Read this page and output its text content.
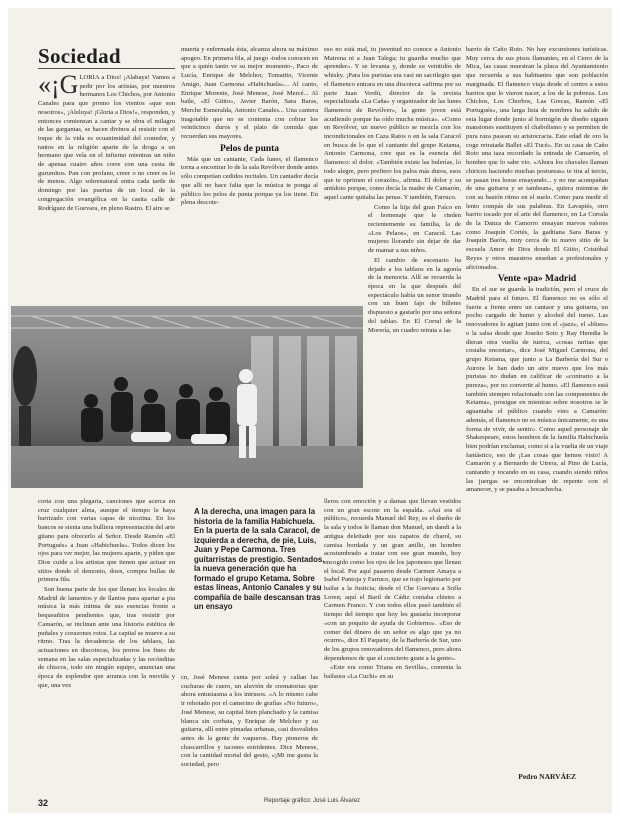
Sociedad

«¡G LORIA a Dios! ¡Alabaya! Vamos a pedir por los artistas, por nuestros hermanos Los Chichos, por Antonio Canales para que promo los vientos «que son nosotros», ¡Aleluya! ¡Gloria a Dios!», responden, y entonces comienzan a cantar y se obra el milagro de las gargantas, se hacen divinos al resistir con el toque de la vida es ecuanimidad del comedor, y tantos en la religión aparte de la droga a un hermano que vela en el infierno mientras un niño de apenas cuatro años corre con una cesta de gurumitos. Pan con profano, creer o no creer es lo de menos. Algo sobrenatural entra cada tarde de domingo por las puertas de un local de la congregación evangélica en la casita calle de Rodríguez de Guevara, en pleno Rastro. El aire se

muerta y enfermada ésta, alcanza ahora su máximo apogeo. En primera fila, al juego -todos conocen en que a quién tanto ve su mejor momento-, Paco de Lucía, Enrique de Melchor, Tomatito, Vicente Amigo, Juan Carmona «Habichuela»... Al canto, Enrique Morente, José Menese, José Mercé... Al baile, «El Güito», Javier Barón, Sara Baras, Merche Esmeralda, Antonio Canales... Una cantera inagotable que no se contenta con cobrar los veinticinco duros y el plato de comida que recuerdan sus mayores.

Pelos de punta

Más que un cantante, Cada lunes, el flamenco torna a encontrar lo de la sala Revólver donde antes sólo competían cedidos recitales. Un cantador decía que allí no hace falta que la música te ponga al público los pelos de punta porque ya los tiene. En plena descote-

eso no está mal, tu juventud no conoce a Antonio Mairena ni a Juan Talega; tu guardia mucho que aprender». Y se levanta y, donde su veintidós de whisky. ¡Para los puristas era casi un sacrilegio que el flamenco entrara en una discoteca «afirma por su parte Juan Verdú, director de la revista especializada «La Caña» y organizador de las lunes flamencos de Revólver», la gente joven está acudiendo porque ha oído mucha música». «Como en Revólver, un nuevo público se mezcla con los incondicionales en Caza Ratos o en la sala Caracol en busca de lo que el cantante del grupo Ketama, Antonio Carmona, cree que es la esencia del flamenco: el dolor. «También existe las bulerías, lo todo alegre, pero prefiero los palos más duros, esos que te oprimen el corazón», afirma. El dolor y su antídoto porque, como decía la madre de Camarón, aquel cante quitaba las penas. Y también, Farruco.

Como la hija del gran Faíco en el homenaje que le rinden recientemente su familia, la de «Los Pelaos», en Caracol. Las mujeres llorando sin dejar de dar de mamar a sus niños.

El cambio de escenario ha dejado a los tablaos en la agonía de la memoria. Allí se recuerda la época en la que después del espectáculo había un senor tirando con un buen fajo de billetes dispuesto a gastarlo por una señora del tablao. En El Corral de la Morería, un cuadro retrata a las

barrio de Caño Roto. No hay excursiones turísticas. Muy cerca de sus pisos flamantes, en el Cerro de la Mica, las casas muestran la placa del Ayuntamiento que recuerda a sus habitantes que son población marginada. El flamenco viaja desde el centro a estos barrios que lo vieron nacer, a los de la pobreza. Los Chichos, Los Chorbos, Las Grecas, Ramón «El Portugués», una larga lista de nombres ha salido de esta lugar donde junto al hormigón de diseño siguen mansiones sustituyen el chabolismo y se permiten de pura raza pasean su aristocracia. Este edad de oro la coge retratada Ballet «El Tucé». En su casa de Caño Roto una taza recordado la entrada de Camarón, el hombre que lo sabe vio. «Ahora los chavales llaman chiricos haciendo muchas postureas» te tira al tercio, se pasan tres horas ensayando... y no me acompañan de una guitarra y se tambean», quiera mientras de con su bastón ritmo en el suelo. Como para medir el lento compás de sus palabras. En Lavapiés, otro barrio tocado por el arte del flamenco, en La Corrala de la Danza de Camorro ensayan nuevos valores como Joaquín Cortés, la gaditana Sara Baras y Joaquín Barón, muy cerca de tu nuevo sitio de la escuela Amor de Dios donde El Güito, Cristóbal Reyes y otros maestros enseñan a profesionales y aficionados.

Vente «pa» Madrid

En el sur se guarda la tradición, pero el cruce de Madrid para el futuro. El flamenco no es sólo el fuerte a frente entre un cantaor y una guitarra, un pocho cargado de humo y alcohol del tueno. Las renovadores lo agitan junto con el «jazz», el «blues» o la salsa desde que Joseíto Soto y Ray Heredia le dieran otra vuelta de tuerca, «cosas raritas que costaba encentar», dice José Miguel Carmona, del grupo Ketama, que junto a La Barbería del Sur o Aurora le han dado un aire nuevo que los más puristas no dudan en calificar de «contrario a la pureza», por no convertir al humo. «El flamenco está también siempre relacionado con las componentes de Ketama», prosigue en mientras sobre nosotros se le aguantaba el público cuando vino a Camarón: además, el flamenco no es música únicamente, es una forma de vivir, de sentir». Como aquel personaje de Shakespeare, estos hombres de la familia Habichuela bien podrían exclamar, como si a la vuelta de un viaje fantástico, eso de ¡Las cosas que hemos visto! A Camarón y a Bernardo de Utrera, al Pino de Lucía, cantando y tocando en su casa, cuando siendo niños las juergas se encontraban de repente con el amanecer, y se pasaba a bocachecha.

Pedro NARVÁEZ

corta con una plegaria, canciones que acerca en cruz cualquier alma, aunque el tiempo le haya barrizado con varias capas de nicotina. En los bancos se sienta una bulliera representación del arte gitano para ofrecerlo al Señor. Desde Ramón «El Portugués» a Juan «Habichuela». Todos dicen los ojos para ver mejor, las mujeres aparte, y piden que Dios cuide a los artistas que tienen que actuar en sitios donde el demonio, doen, compra bullas de primera fila.

Son buena parte de los que llenan los locales de Madrid de lamentos y de llantos para apartar a pia música la más íntima de sus esencias frente a bequeañitos pendientes que, tras resistir por Camarón, se inclinan ante una historia estética de puñales y corazones rotos. La capital se mueve a su ritmo. Tras la decadencia de los tablaos, las actuaciones en discotecas, los porros los fines de semana en las salas especializadas y las recónditas de chiscos, todo sin ningún equipo, anuncian una época de esplendor que arranca con la movida y que, una vez

A la derecha, una imagen para la historia de la familia Habichuela. En la puerta de la sala Caracol, de izquierda a derecha, de pie, Luis, Juan y Pepe Carmona. Tres guitarristas de prestigio. Sentados, la nueva generación que ha formado el grupo Ketama. Sobre estas líneas, Antonio Canales y su compañía de baile descansan tras un ensayo

cn, José Menese canta por soleá y callan las cucharas de cuero, un aluvión de crematorias que ahora entusiasma a los intrusos. «A lo mismo cabe ir rebotado por el camerino de grafías «No futuro», José Menese, su capital bien planchado y la camisa blanca sin corbata, y Enrique de Melchor y su guitarra, allí entre pimadas urbanas, casi desvalidos antes de la gente de vaqueros. Hay pioneros de chascarrillos y tacones estridentes. Dice Menese, con la cantidad mortal del gesto, «¡Mi me gusta la sociedad, pero

lleros con emoción y a damas que llevan vestidos con un gran escote en la espalda. «Así era el público», recuerda Manuel del Rey, es el dueño de la sala y todos le llaman don Manuel, un dandi a la antigua deleitado por sus zapatos de charol, su camisa bordada y un gran anillo, un hombre acostumbrado a tratar con ese gran mundo, hoy encogido como los ojos de los japoneses que llenan el local. Por aquí pasaron desde Carmen Amaya a Isabel Pantoja y Farruco, que se trajo legionario por bailar a la Justicia; desde el Che Guevara a Sofía Loren; aquí el Baril de Cádiz contaba chistes a Carmen Franco. Y con todos ellos pasó también el tiempo del tiempo que hoy les gustaría incorporar «con un poquito de ayuda de Gobierno». «Eso de comer del dinero de un señor es algo que ya no ocurre», dice El Paquete, de la Barbería de Sur, uno de los grupos renovadores del flamenco, pero ahora dependemos de que el concierto guste a la gente».

«Este era como Triana en Sevilla», comenta la bailaora «La Cuchi» en su

32	Reportaje gráfico: José Luis Álvarez
